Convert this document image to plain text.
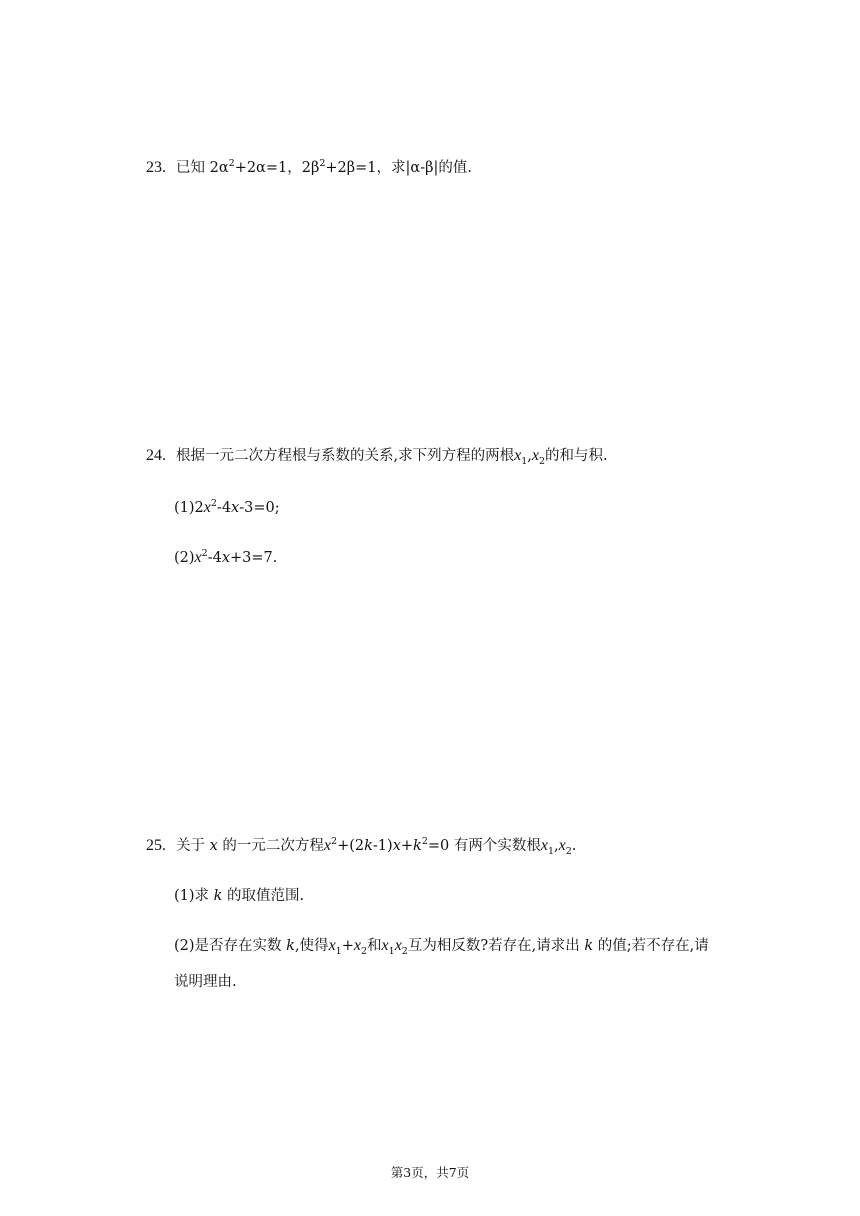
23. 已知 $2\alpha^2+2\alpha=1$，$2\beta^2+2\beta=1$，求|α-β|的值.
24. 根据一元二次方程根与系数的关系,求下列方程的两根$x_1,x_2$的和与积.
$(1)2x^2-4x-3=0$;
$(2)x^2-4x+3=7$.
25. 关于 x 的一元二次方程$x^2+(2k-1)x+k^2=0$ 有两个实数根$x_1,x_2$.
(1)求 k 的取值范围.
(2)是否存在实数 k,使得$x_1+x_2$和$x_1x_2$互为相反数?若存在,请求出 k 的值;若不存在,请
说明理由.
第3页，共7页
